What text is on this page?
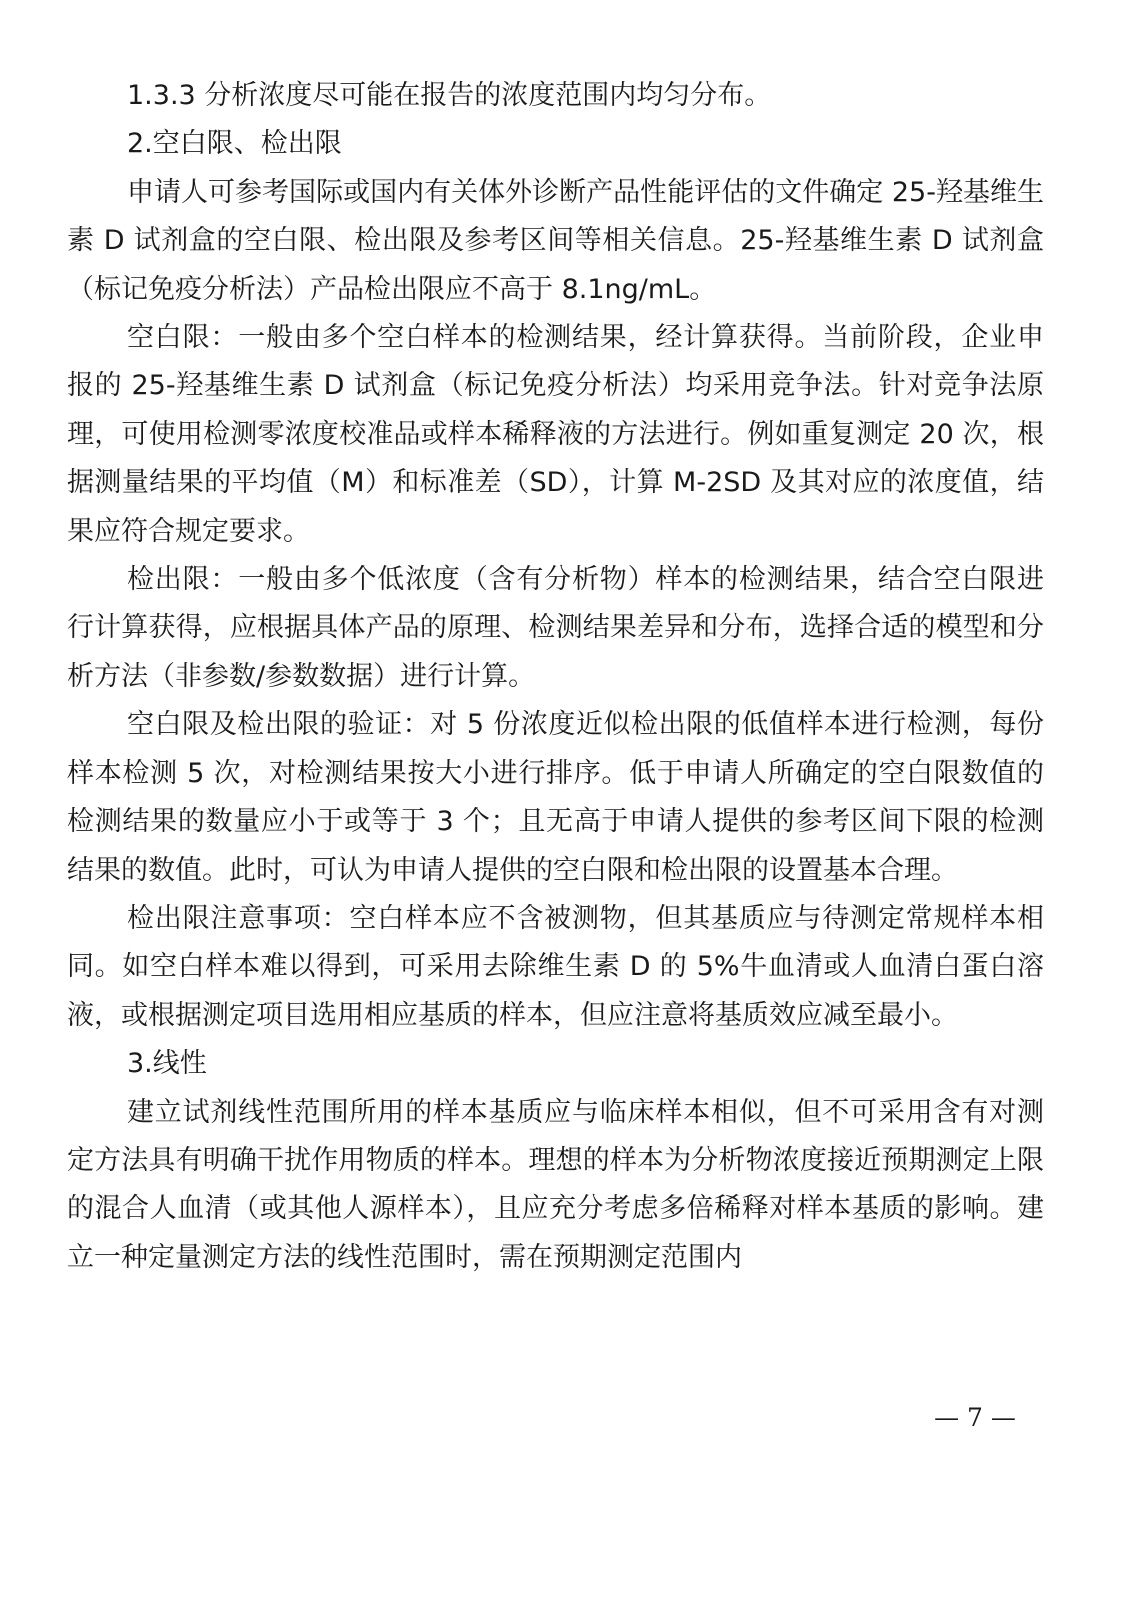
1.3.3 分析浓度尽可能在报告的浓度范围内均匀分布。

2.空白限、检出限

申请人可参考国际或国内有关体外诊断产品性能评估的文件确定 25-羟基维生素 D 试剂盒的空白限、检出限及参考区间等相关信息。25-羟基维生素 D 试剂盒（标记免疫分析法）产品检出限应不高于 8.1ng/mL。

空白限：一般由多个空白样本的检测结果，经计算获得。当前阶段，企业申报的 25-羟基维生素 D 试剂盒（标记免疫分析法）均采用竞争法。针对竞争法原理，可使用检测零浓度校准品或样本稀释液的方法进行。例如重复测定 20 次，根据测量结果的平均值（M）和标准差（SD），计算 M-2SD 及其对应的浓度值，结果应符合规定要求。

检出限：一般由多个低浓度（含有分析物）样本的检测结果，结合空白限进行计算获得，应根据具体产品的原理、检测结果差异和分布，选择合适的模型和分析方法（非参数/参数数据）进行计算。

空白限及检出限的验证：对 5 份浓度近似检出限的低值样本进行检测，每份样本检测 5 次，对检测结果按大小进行排序。低于申请人所确定的空白限数值的检测结果的数量应小于或等于 3 个；且无高于申请人提供的参考区间下限的检测结果的数值。此时，可认为申请人提供的空白限和检出限的设置基本合理。

检出限注意事项：空白样本应不含被测物，但其基质应与待测定常规样本相同。如空白样本难以得到，可采用去除维生素 D 的 5%牛血清或人血清白蛋白溶液，或根据测定项目选用相应基质的样本，但应注意将基质效应减至最小。

3.线性

建立试剂线性范围所用的样本基质应与临床样本相似，但不可采用含有对测定方法具有明确干扰作用物质的样本。理想的样本为分析物浓度接近预期测定上限的混合人血清（或其他人源样本），且应充分考虑多倍稀释对样本基质的影响。建立一种定量测定方法的线性范围时，需在预期测定范围内

— 7 —
